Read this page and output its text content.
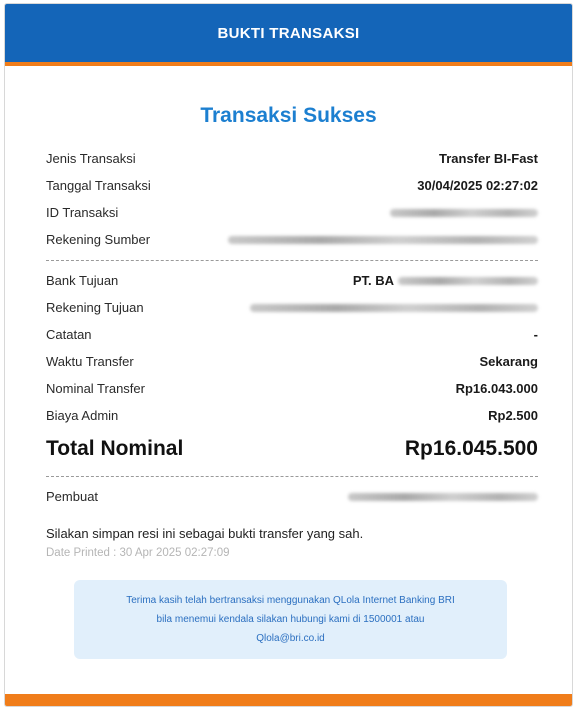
BUKTI TRANSAKSI
Transaksi Sukses
Jenis Transaksi	Transfer BI-Fast
Tanggal Transaksi	30/04/2025 02:27:02
ID Transaksi
Rekening Sumber
Bank Tujuan	PT. BA
Rekening Tujuan
Catatan	-
Waktu Transfer	Sekarang
Nominal Transfer	Rp16.043.000
Biaya Admin	Rp2.500
Total Nominal	Rp16.045.500
Pembuat
Silakan simpan resi ini sebagai bukti transfer yang sah.
Date Printed : 30 Apr 2025 02:27:09
Terima kasih telah bertransaksi menggunakan QLola Internet Banking BRI
bila menemui kendala silakan hubungi kami di 1500001 atau
Qlola@bri.co.id
